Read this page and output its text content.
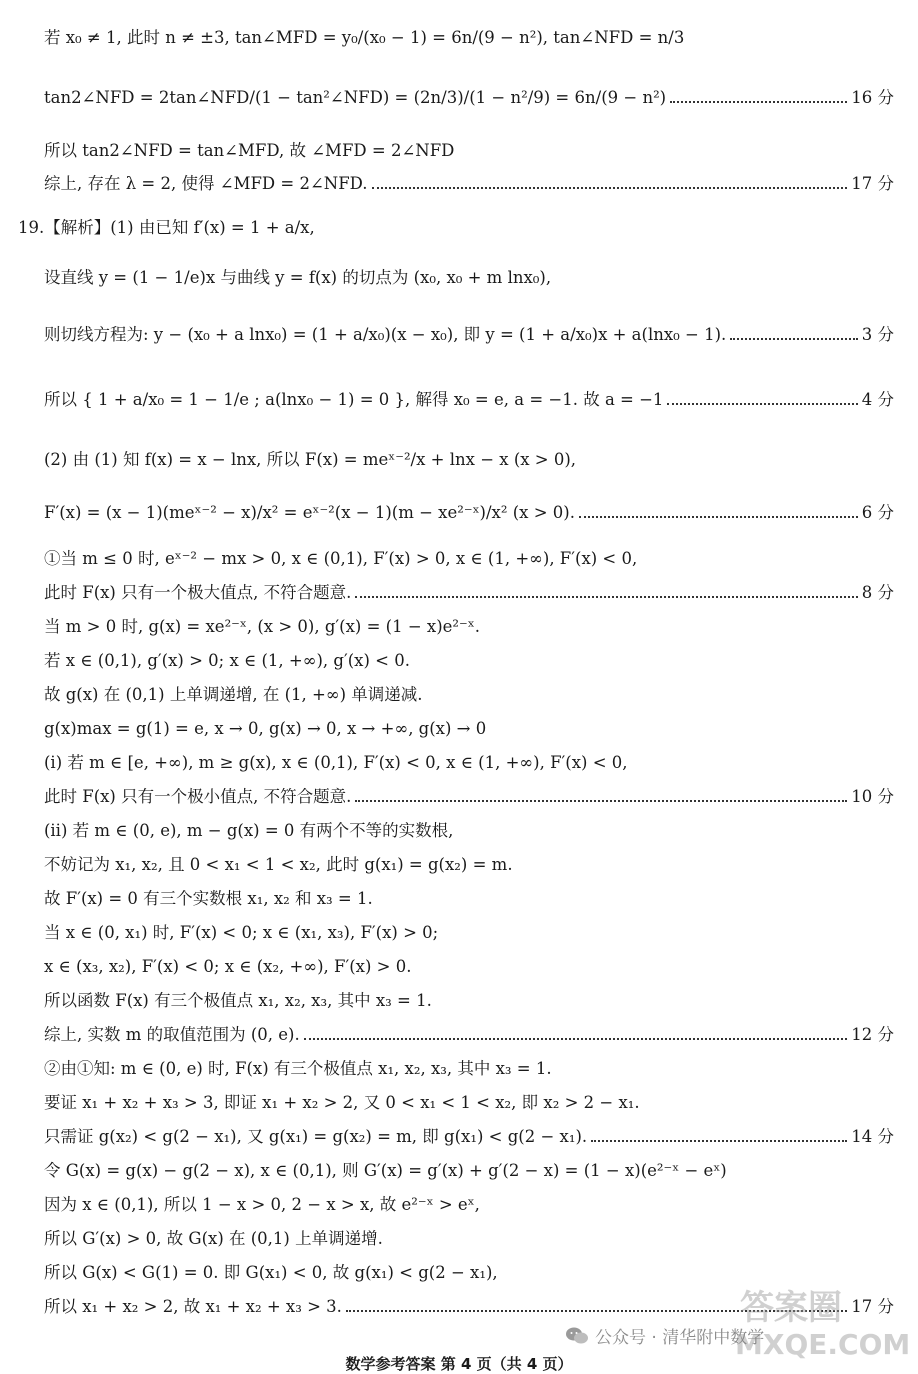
若 x₀ ≠ 1, 此时 n ≠ ±3, tan∠MFD = y₀/(x₀ − 1) = 6n/(9 − n²), tan∠NFD = n/3
tan2∠NFD = 2tan∠NFD/(1 − tan²∠NFD) = (2n/3)/(1 − n²/9) = 6n/(9 − n²)	16 分
所以 tan2∠NFD = tan∠MFD, 故 ∠MFD = 2∠NFD
综上, 存在 λ = 2, 使得 ∠MFD = 2∠NFD.	17 分
19.【解析】(1) 由已知 f′(x) = 1 + a/x,
设直线 y = (1 − 1/e)x 与曲线 y = f(x) 的切点为 (x₀, x₀ + m lnx₀),
则切线方程为: y − (x₀ + a lnx₀) = (1 + a/x₀)(x − x₀), 即 y = (1 + a/x₀)x + a(lnx₀ − 1).	3 分
所以 { 1 + a/x₀ = 1 − 1/e ; a(lnx₀ − 1) = 0 }, 解得 x₀ = e, a = −1. 故 a = −1	4 分
(2) 由 (1) 知 f(x) = x − lnx, 所以 F(x) = meˣ⁻²/x + lnx − x (x > 0),
F′(x) = (x − 1)(meˣ⁻² − x)/x² = eˣ⁻²(x − 1)(m − xe²⁻ˣ)/x² (x > 0).	6 分
①当 m ≤ 0 时, eˣ⁻² − mx > 0, x ∈ (0,1), F′(x) > 0, x ∈ (1, +∞), F′(x) < 0,
此时 F(x) 只有一个极大值点, 不符合题意.	8 分
当 m > 0 时, g(x) = xe²⁻ˣ, (x > 0), g′(x) = (1 − x)e²⁻ˣ.
若 x ∈ (0,1), g′(x) > 0; x ∈ (1, +∞), g′(x) < 0.
故 g(x) 在 (0,1) 上单调递增, 在 (1, +∞) 单调递减.
g(x)max = g(1) = e, x → 0, g(x) → 0, x → +∞, g(x) → 0
(ⅰ) 若 m ∈ [e, +∞), m ≥ g(x), x ∈ (0,1), F′(x) < 0, x ∈ (1, +∞), F′(x) < 0,
此时 F(x) 只有一个极小值点, 不符合题意.	10 分
(ⅱ) 若 m ∈ (0, e), m − g(x) = 0 有两个不等的实数根,
不妨记为 x₁, x₂, 且 0 < x₁ < 1 < x₂, 此时 g(x₁) = g(x₂) = m.
故 F′(x) = 0 有三个实数根 x₁, x₂ 和 x₃ = 1.
当 x ∈ (0, x₁) 时, F′(x) < 0; x ∈ (x₁, x₃), F′(x) > 0;
x ∈ (x₃, x₂), F′(x) < 0; x ∈ (x₂, +∞), F′(x) > 0.
所以函数 F(x) 有三个极值点 x₁, x₂, x₃, 其中 x₃ = 1.
综上, 实数 m 的取值范围为 (0, e).	12 分
②由①知: m ∈ (0, e) 时, F(x) 有三个极值点 x₁, x₂, x₃, 其中 x₃ = 1.
要证 x₁ + x₂ + x₃ > 3, 即证 x₁ + x₂ > 2, 又 0 < x₁ < 1 < x₂, 即 x₂ > 2 − x₁.
只需证 g(x₂) < g(2 − x₁), 又 g(x₁) = g(x₂) = m, 即 g(x₁) < g(2 − x₁).	14 分
令 G(x) = g(x) − g(2 − x), x ∈ (0,1), 则 G′(x) = g′(x) + g′(2 − x) = (1 − x)(e²⁻ˣ − eˣ)
因为 x ∈ (0,1), 所以 1 − x > 0, 2 − x > x, 故 e²⁻ˣ > eˣ,
所以 G′(x) > 0, 故 G(x) 在 (0,1) 上单调递增.
所以 G(x) < G(1) = 0. 即 G(x₁) < 0, 故 g(x₁) < g(2 − x₁),
所以 x₁ + x₂ > 2, 故 x₁ + x₂ + x₃ > 3.	17 分
答案圈
MXQE.COM
公众号 · 清华附中数学
数学参考答案 第 4 页（共 4 页）
